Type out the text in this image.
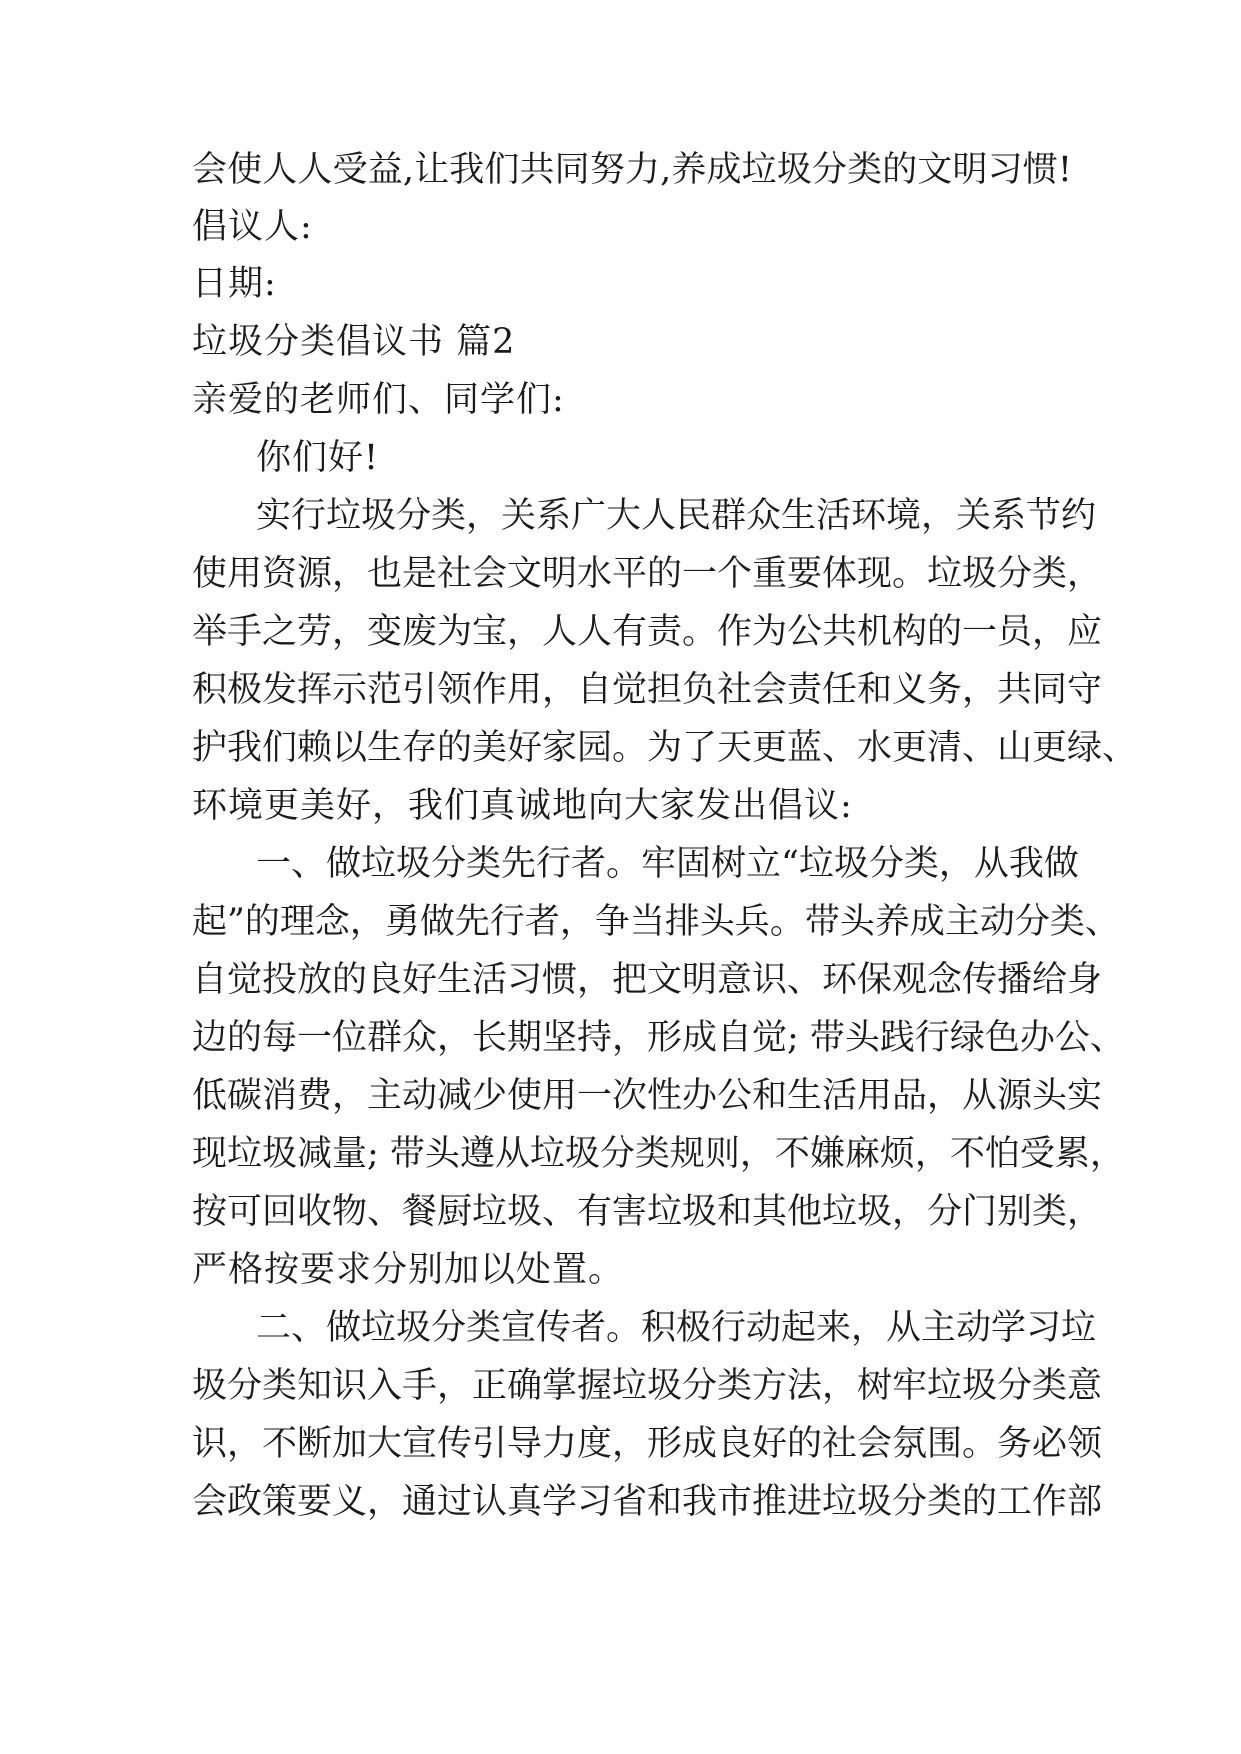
会使人人受益,让我们共同努力,养成垃圾分类的文明习惯!
倡议人:
日期:
垃圾分类倡议书 篇2
亲爱的老师们、同学们:
你们好!
实行垃圾分类，关系广大人民群众生活环境，关系节约
使用资源，也是社会文明水平的一个重要体现。垃圾分类，
举手之劳，变废为宝，人人有责。作为公共机构的一员，应
积极发挥示范引领作用，自觉担负社会责任和义务，共同守
护我们赖以生存的美好家园。为了天更蓝、水更清、山更绿、
环境更美好，我们真诚地向大家发出倡议:
一、做垃圾分类先行者。牢固树立“垃圾分类，从我做
起”的理念，勇做先行者，争当排头兵。带头养成主动分类、
自觉投放的良好生活习惯，把文明意识、环保观念传播给身
边的每一位群众，长期坚持，形成自觉; 带头践行绿色办公、
低碳消费，主动减少使用一次性办公和生活用品，从源头实
现垃圾减量; 带头遵从垃圾分类规则，不嫌麻烦，不怕受累，
按可回收物、餐厨垃圾、有害垃圾和其他垃圾，分门别类，
严格按要求分别加以处置。
二、做垃圾分类宣传者。积极行动起来，从主动学习垃
圾分类知识入手，正确掌握垃圾分类方法，树牢垃圾分类意
识，不断加大宣传引导力度，形成良好的社会氛围。务必领
会政策要义，通过认真学习省和我市推进垃圾分类的工作部
